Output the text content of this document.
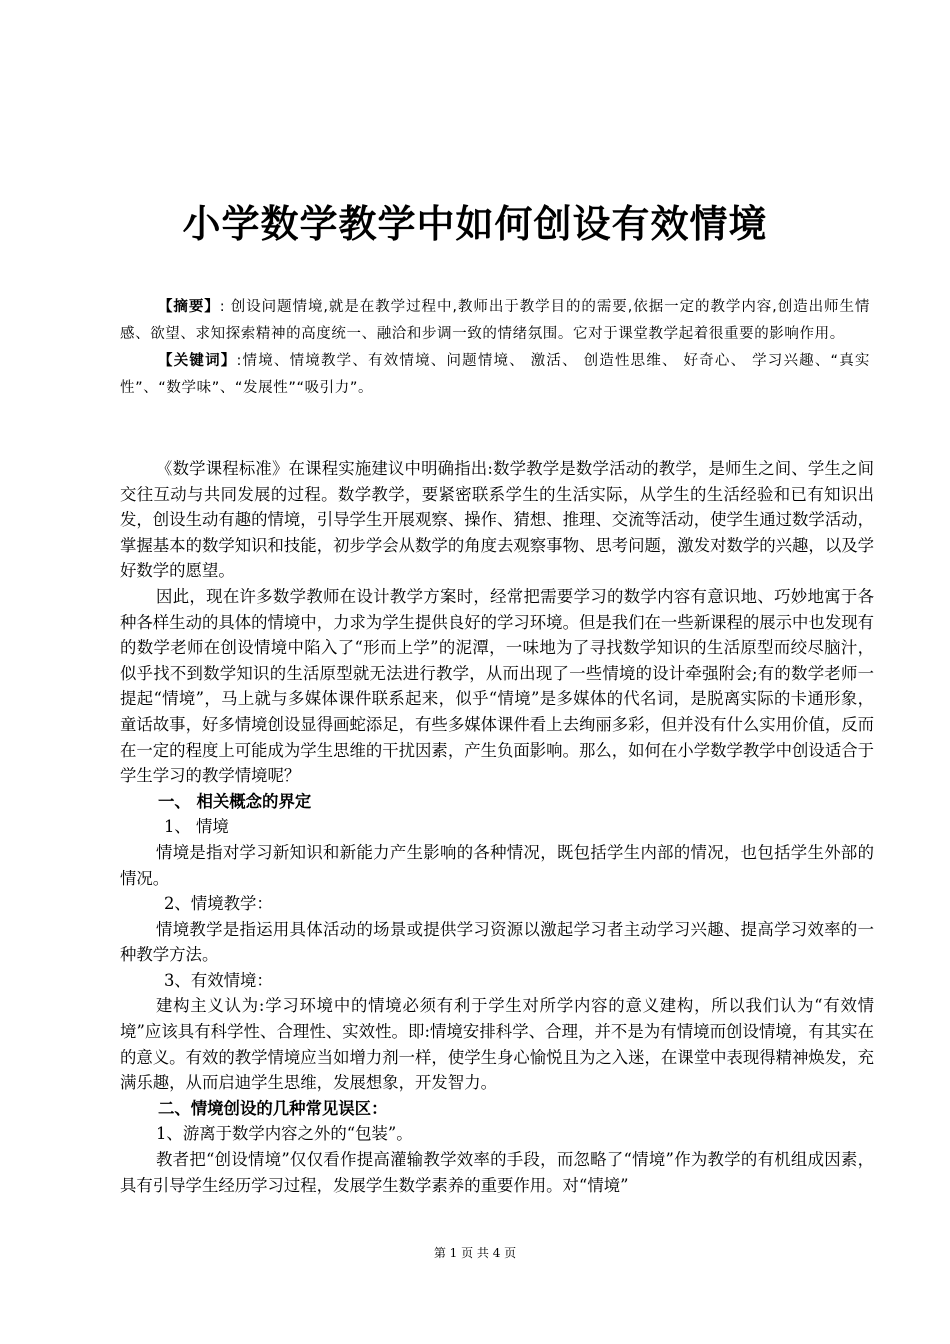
小学数学教学中如何创设有效情境

【摘要】: 创设问题情境,就是在教学过程中,教师出于教学目的的需要,依据一定的教学内容,创造出师生情感、欲望、求知探索精神的高度统一、融洽和步调一致的情绪氛围。它对于课堂教学起着很重要的影响作用。

【关键词】:情境、情境教学、有效情境、问题情境、 激活、 创造性思维、 好奇心、 学习兴趣、“真实性”、“数学味”、“发展性”“吸引力”。

《数学课程标准》在课程实施建议中明确指出:数学教学是数学活动的教学，是师生之间、学生之间交往互动与共同发展的过程。数学教学，要紧密联系学生的生活实际，从学生的生活经验和已有知识出发，创设生动有趣的情境，引导学生开展观察、操作、猜想、推理、交流等活动，使学生通过数学活动，掌握基本的数学知识和技能，初步学会从数学的角度去观察事物、思考问题，激发对数学的兴趣，以及学好数学的愿望。

因此，现在许多数学教师在设计教学方案时，经常把需要学习的数学内容有意识地、巧妙地寓于各种各样生动的具体的情境中，力求为学生提供良好的学习环境。但是我们在一些新课程的展示中也发现有的数学老师在创设情境中陷入了“形而上学”的泥潭，一味地为了寻找数学知识的生活原型而绞尽脑汁，似乎找不到数学知识的生活原型就无法进行教学，从而出现了一些情境的设计牵强附会;有的数学老师一提起“情境”，马上就与多媒体课件联系起来，似乎“情境”是多媒体的代名词，是脱离实际的卡通形象，童话故事，好多情境创设显得画蛇添足，有些多媒体课件看上去绚丽多彩，但并没有什么实用价值，反而在一定的程度上可能成为学生思维的干扰因素，产生负面影响。那么，如何在小学数学教学中创设适合于学生学习的教学情境呢？

一、 相关概念的界定

1、 情境

情境是指对学习新知识和新能力产生影响的各种情况，既包括学生内部的情况，也包括学生外部的情况。

2、情境教学：

情境教学是指运用具体活动的场景或提供学习资源以激起学习者主动学习兴趣、提高学习效率的一种教学方法。

3、有效情境：

建构主义认为:学习环境中的情境必须有利于学生对所学内容的意义建构，所以我们认为“有效情境”应该具有科学性、合理性、实效性。即:情境安排科学、合理，并不是为有情境而创设情境，有其实在的意义。有效的教学情境应当如增力剂一样，使学生身心愉悦且为之入迷，在课堂中表现得精神焕发，充满乐趣，从而启迪学生思维，发展想象，开发智力。

二、情境创设的几种常见误区：

1、游离于数学内容之外的“包装”。

教者把“创设情境”仅仅看作提高灌输教学效率的手段，而忽略了“情境”作为教学的有机组成因素，具有引导学生经历学习过程，发展学生数学素养的重要作用。对“情境”

第 1 页 共 4 页
